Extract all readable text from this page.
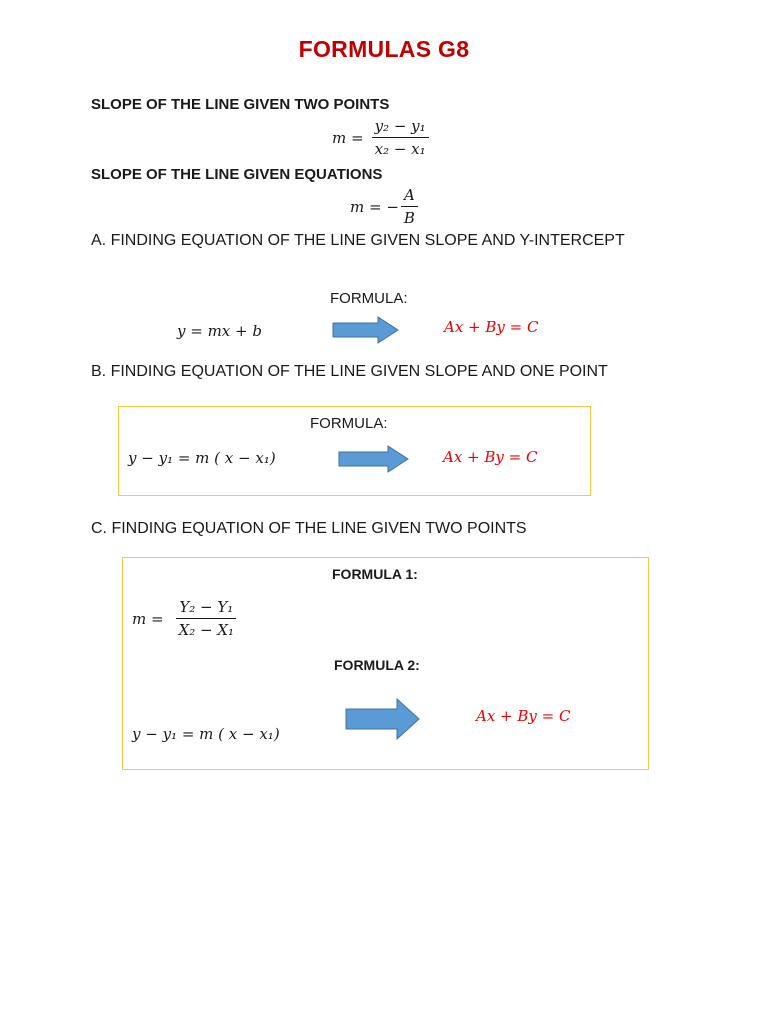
FORMULAS G8
SLOPE OF THE LINE GIVEN TWO POINTS
$m = \frac{\text{y₂ − y₁}}{\text{x₂ − x₁}}$
SLOPE OF THE LINE GIVEN EQUATIONS
m = − $\frac{A}{B}$
A. FINDING EQUATION OF THE LINE GIVEN SLOPE AND Y-INTERCEPT
FORMULA:
y = mx + b	Ax + By = C
B. FINDING EQUATION OF THE LINE GIVEN SLOPE AND ONE POINT
FORMULA:
y − y₁ = m ( x − x₁)	Ax + By = C
C. FINDING EQUATION OF THE LINE GIVEN TWO POINTS
FORMULA 1:
$m = \frac{\text{Y₂ − Y₁}}{\text{X₂ − X₁}}$
FORMULA 2:
Ax + By = C
y − y₁ = m ( x − x₁)
